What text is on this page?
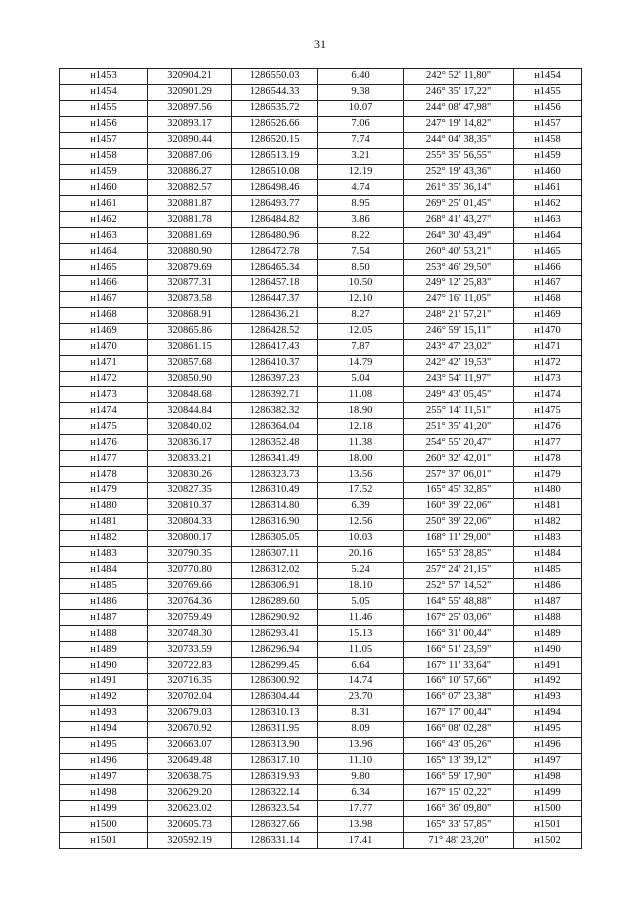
31
н1453	320904.21	1286550.03	6.40	242° 52' 11,80"	н1454
н1454	320901.29	1286544.33	9.38	246° 35' 17,22"	н1455
н1455	320897.56	1286535.72	10.07	244° 08' 47,98"	н1456
н1456	320893.17	1286526.66	7.06	247° 19' 14,82"	н1457
н1457	320890.44	1286520.15	7.74	244° 04' 38,35"	н1458
н1458	320887.06	1286513.19	3.21	255° 35' 56,55"	н1459
н1459	320886.27	1286510.08	12.19	252° 19' 43,36"	н1460
н1460	320882.57	1286498.46	4.74	261° 35' 36,14"	н1461
н1461	320881.87	1286493.77	8.95	269° 25' 01,45"	н1462
н1462	320881.78	1286484.82	3.86	268° 41' 43,27"	н1463
н1463	320881.69	1286480.96	8.22	264° 30' 43,49"	н1464
н1464	320880.90	1286472.78	7.54	260° 40' 53,21"	н1465
н1465	320879.69	1286465.34	8.50	253° 46' 29,50"	н1466
н1466	320877.31	1286457.18	10.50	249° 12' 25,83"	н1467
н1467	320873.58	1286447.37	12.10	247° 16' 11,05"	н1468
н1468	320868.91	1286436.21	8.27	248° 21' 57,21"	н1469
н1469	320865.86	1286428.52	12.05	246° 59' 15,11"	н1470
н1470	320861.15	1286417.43	7.87	243° 47' 23,02"	н1471
н1471	320857.68	1286410.37	14.79	242° 42' 19,53"	н1472
н1472	320850.90	1286397.23	5.04	243° 54' 11,97"	н1473
н1473	320848.68	1286392.71	11.08	249° 43' 05,45"	н1474
н1474	320844.84	1286382.32	18.90	255° 14' 11,51"	н1475
н1475	320840.02	1286364.04	12.18	251° 35' 41,20"	н1476
н1476	320836.17	1286352.48	11.38	254° 55' 20,47"	н1477
н1477	320833.21	1286341.49	18.00	260° 32' 42,01"	н1478
н1478	320830.26	1286323.73	13.56	257° 37' 06,01"	н1479
н1479	320827.35	1286310.49	17.52	165° 45' 32,85"	н1480
н1480	320810.37	1286314.80	6.39	160° 39' 22,06"	н1481
н1481	320804.33	1286316.90	12.56	250° 39' 22,06"	н1482
н1482	320800.17	1286305.05	10.03	168° 11' 29,00"	н1483
н1483	320790.35	1286307.11	20.16	165° 53' 28,85"	н1484
н1484	320770.80	1286312.02	5.24	257° 24' 21,15"	н1485
н1485	320769.66	1286306.91	18.10	252° 57' 14,52"	н1486
н1486	320764.36	1286289.60	5.05	164° 55' 48,88"	н1487
н1487	320759.49	1286290.92	11.46	167° 25' 03,06"	н1488
н1488	320748.30	1286293.41	15.13	166° 31' 00,44"	н1489
н1489	320733.59	1286296.94	11.05	166° 51' 23,59"	н1490
н1490	320722.83	1286299.45	6.64	167° 11' 33,64"	н1491
н1491	320716.35	1286300.92	14.74	166° 10' 57,66"	н1492
н1492	320702.04	1286304.44	23.70	166° 07' 23,38"	н1493
н1493	320679.03	1286310.13	8.31	167° 17' 00,44"	н1494
н1494	320670.92	1286311.95	8.09	166° 08' 02,28"	н1495
н1495	320663.07	1286313.90	13.96	166° 43' 05,26"	н1496
н1496	320649.48	1286317.10	11.10	165° 13' 39,12"	н1497
н1497	320638.75	1286319.93	9.80	166° 59' 17,90"	н1498
н1498	320629.20	1286322.14	6.34	167° 15' 02,22"	н1499
н1499	320623.02	1286323.54	17.77	166° 36' 09,80"	н1500
н1500	320605.73	1286327.66	13.98	165° 33' 57,85"	н1501
н1501	320592.19	1286331.14	17.41	71° 48' 23,20"	н1502
